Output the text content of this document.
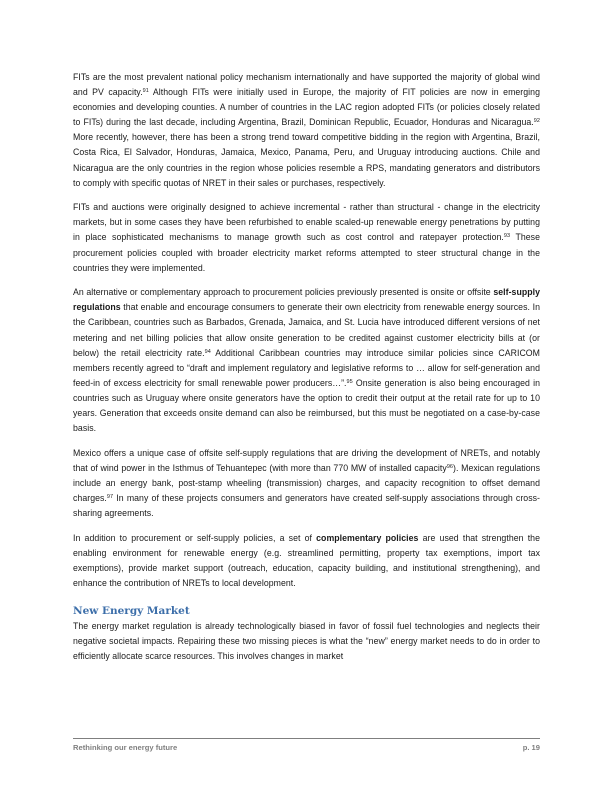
FITs are the most prevalent national policy mechanism internationally and have supported the majority of global wind and PV capacity.$^{91}$ Although FITs were initially used in Europe, the majority of FIT policies are now in emerging economies and developing counties. A number of countries in the LAC region adopted FITs (or policies closely related to FITs) during the last decade, including Argentina, Brazil, Dominican Republic, Ecuador, Honduras and Nicaragua.$^{92}$ More recently, however, there has been a strong trend toward competitive bidding in the region with Argentina, Brazil, Costa Rica, El Salvador, Honduras, Jamaica, Mexico, Panama, Peru, and Uruguay introducing auctions. Chile and Nicaragua are the only countries in the region whose policies resemble a RPS, mandating generators and distributors to comply with specific quotas of NRET in their sales or purchases, respectively.

FITs and auctions were originally designed to achieve incremental - rather than structural - change in the electricity markets, but in some cases they have been refurbished to enable scaled-up renewable energy penetrations by putting in place sophisticated mechanisms to manage growth such as cost control and ratepayer protection.$^{93}$ These procurement policies coupled with broader electricity market reforms attempted to steer structural change in the countries they were implemented.

An alternative or complementary approach to procurement policies previously presented is onsite or offsite self-supply regulations that enable and encourage consumers to generate their own electricity from renewable energy sources. In the Caribbean, countries such as Barbados, Grenada, Jamaica, and St. Lucia have introduced different versions of net metering and net billing policies that allow onsite generation to be credited against customer electricity bills at (or below) the retail electricity rate.$^{94}$ Additional Caribbean countries may introduce similar policies since CARICOM members recently agreed to “draft and implement regulatory and legislative reforms to … allow for self-generation and feed-in of excess electricity for small renewable power producers…”.$^{95}$ Onsite generation is also being encouraged in countries such as Uruguay where onsite generators have the option to credit their output at the retail rate for up to 10 years. Generation that exceeds onsite demand can also be reimbursed, but this must be negotiated on a case-by-case basis.

Mexico offers a unique case of offsite self-supply regulations that are driving the development of NRETs, and notably that of wind power in the Isthmus of Tehuantepec (with more than 770 MW of installed capacity$^{96}$). Mexican regulations include an energy bank, post-stamp wheeling (transmission) charges, and capacity recognition to offset demand charges.$^{97}$ In many of these projects consumers and generators have created self-supply associations through cross-sharing agreements.

In addition to procurement or self-supply policies, a set of complementary policies are used that strengthen the enabling environment for renewable energy (e.g. streamlined permitting, property tax exemptions, import tax exemptions), provide market support (outreach, education, capacity building, and institutional strengthening), and enhance the contribution of NRETs to local development.

New Energy Market

The energy market regulation is already technologically biased in favor of fossil fuel technologies and neglects their negative societal impacts. Repairing these two missing pieces is what the “new” energy market needs to do in order to efficiently allocate scarce resources. This involves changes in market

Rethinking our energy future	p. 19
